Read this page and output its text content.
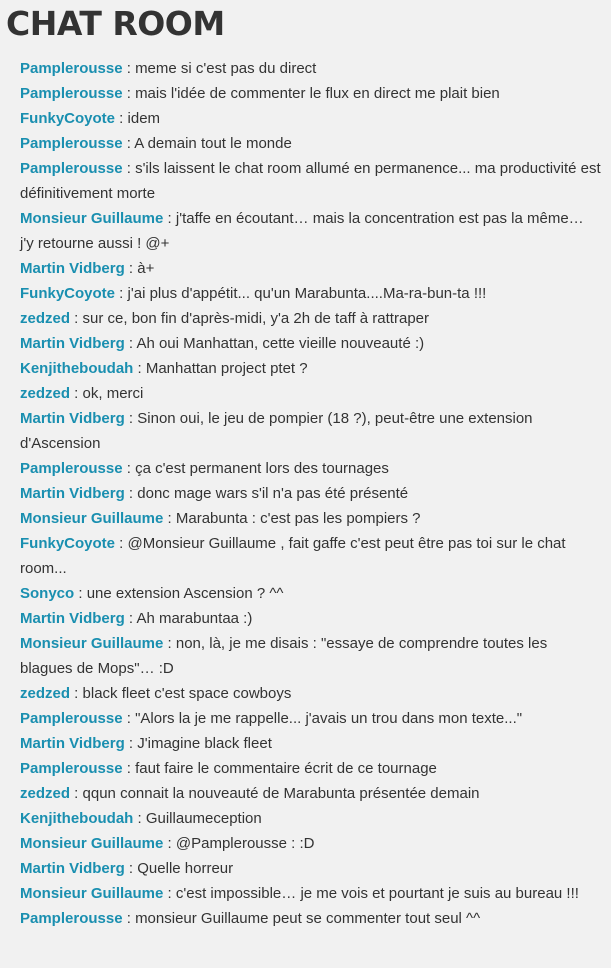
CHAT ROOM
Pamplerousse : meme si c'est pas du direct
Pamplerousse : mais l'idée de commenter le flux en direct me plait bien
FunkyCoyote : idem
Pamplerousse : A demain tout le monde
Pamplerousse : s'ils laissent le chat room allumé en permanence... ma productivité est définitivement morte
Monsieur Guillaume : j'taffe en écoutant… mais la concentration est pas la même… j'y retourne aussi ! @+
Martin Vidberg : à+
FunkyCoyote : j'ai plus d'appétit... qu'un Marabunta....Ma-ra-bun-ta !!!
zedzed : sur ce, bon fin d'après-midi, y'a 2h de taff à rattraper
Martin Vidberg : Ah oui Manhattan, cette vieille nouveauté :)
Kenjitheboudah : Manhattan project ptet ?
zedzed : ok, merci
Martin Vidberg : Sinon oui, le jeu de pompier (18 ?), peut-être une extension d'Ascension
Pamplerousse : ça c'est permanent lors des tournages
Martin Vidberg : donc mage wars s'il n'a pas été présenté
Monsieur Guillaume : Marabunta : c'est pas les pompiers ?
FunkyCoyote : @Monsieur Guillaume , fait gaffe c'est peut être pas toi sur le chat room...
Sonyco : une extension Ascension ? ^^
Martin Vidberg : Ah marabuntaa :)
Monsieur Guillaume : non, là, je me disais : "essaye de comprendre toutes les blagues de Mops"… :D
zedzed : black fleet c'est space cowboys
Pamplerousse : "Alors la je me rappelle... j'avais un trou dans mon texte..."
Martin Vidberg : J'imagine black fleet
Pamplerousse : faut faire le commentaire écrit de ce tournage
zedzed : qqun connait la nouveauté de Marabunta présentée demain
Kenjitheboudah : Guillaumeception
Monsieur Guillaume : @Pamplerousse : :D
Martin Vidberg : Quelle horreur
Monsieur Guillaume : c'est impossible… je me vois et pourtant je suis au bureau !!!
Pamplerousse : monsieur Guillaume peut se commenter tout seul ^^
